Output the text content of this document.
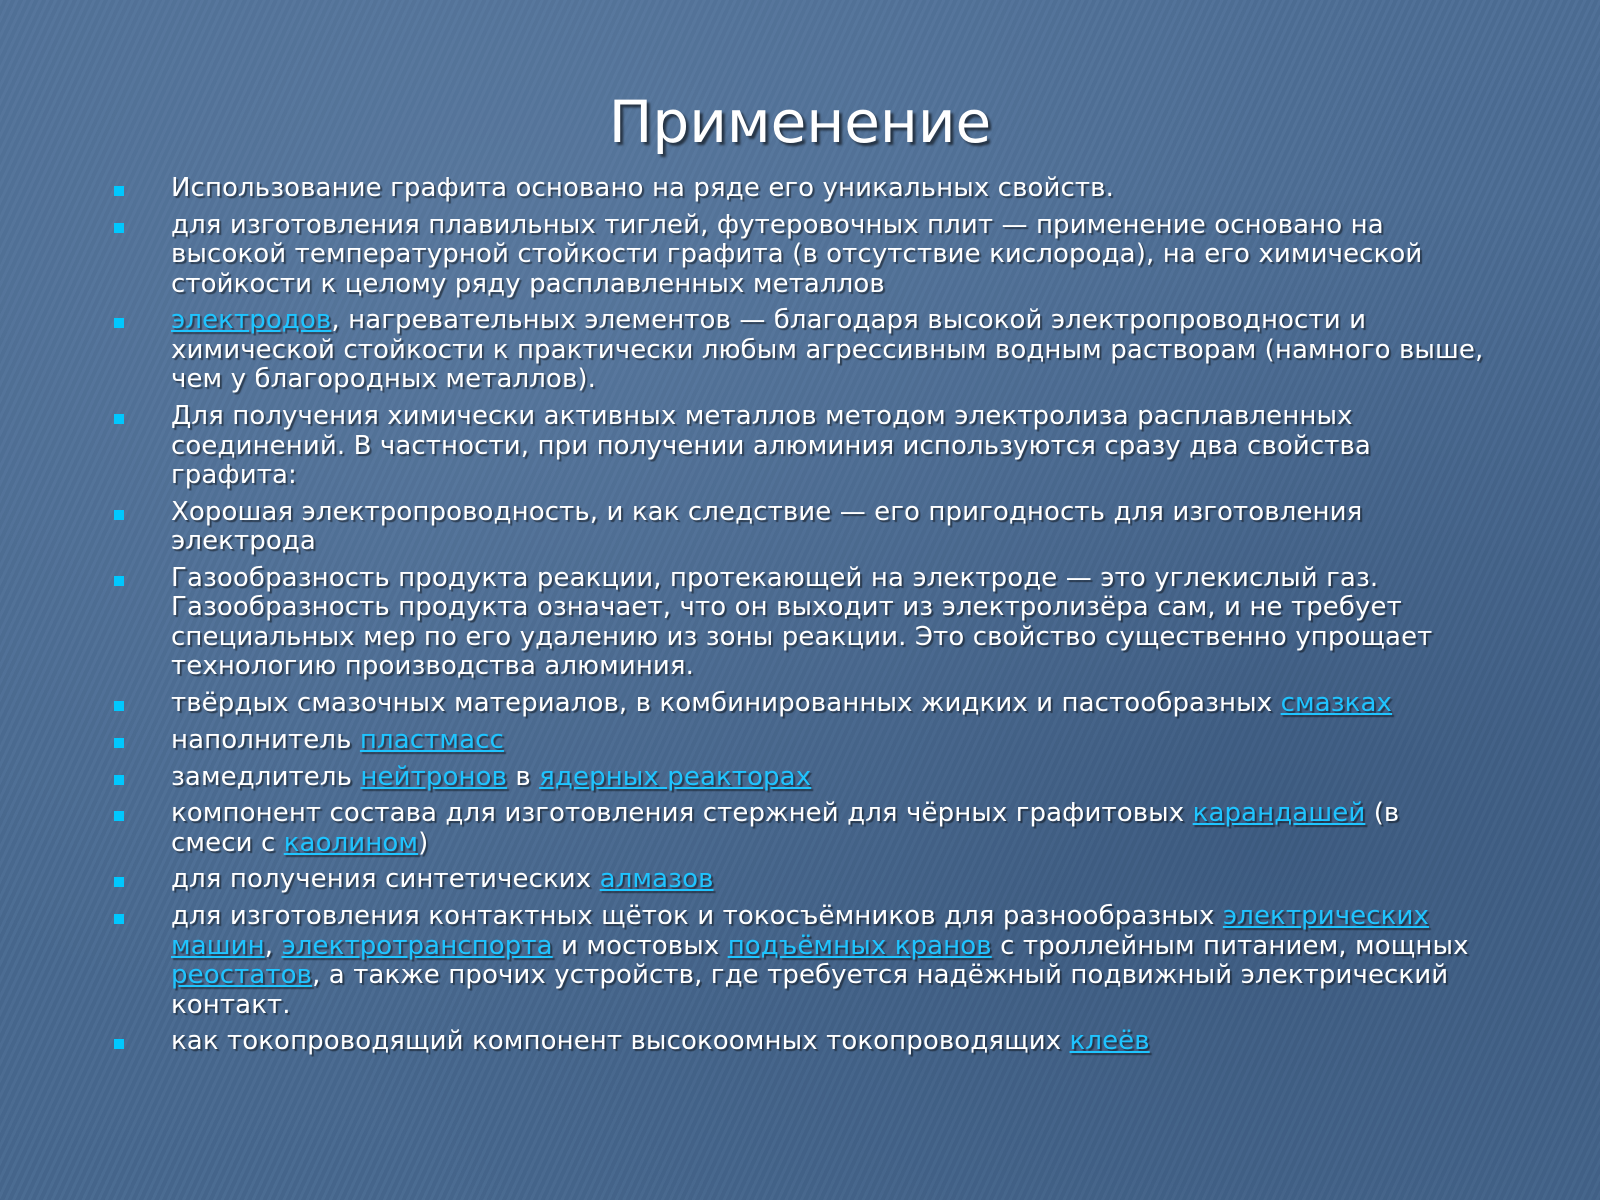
Применение
Использование графита основано на ряде его уникальных свойств.
для изготовления плавильных тиглей, футеровочных плит — применение основано на высокой температурной стойкости графита (в отсутствие кислорода), на его химической стойкости к целому ряду расплавленных металлов
электродов, нагревательных элементов — благодаря высокой электропроводности и химической стойкости к практически любым агрессивным водным растворам (намного выше, чем у благородных металлов).
Для получения химически активных металлов методом электролиза расплавленных соединений. В частности, при получении алюминия используются сразу два свойства графита:
Хорошая электропроводность, и как следствие — его пригодность для изготовления электрода
Газообразность продукта реакции, протекающей на электроде — это углекислый газ. Газообразность продукта означает, что он выходит из электролизёра сам, и не требует специальных мер по его удалению из зоны реакции. Это свойство существенно упрощает технологию производства алюминия.
твёрдых смазочных материалов, в комбинированных жидких и пастообразных смазках
наполнитель пластмасс
замедлитель нейтронов в ядерных реакторах
компонент состава для изготовления стержней для чёрных графитовых карандашей (в смеси с каолином)
для получения синтетических алмазов
для изготовления контактных щёток и токосъёмников для разнообразных электрических машин, электротранспорта и мостовых подъёмных кранов с троллейным питанием, мощных реостатов, а также прочих устройств, где требуется надёжный подвижный электрический контакт.
как токопроводящий компонент высокоомных токопроводящих клеёв
